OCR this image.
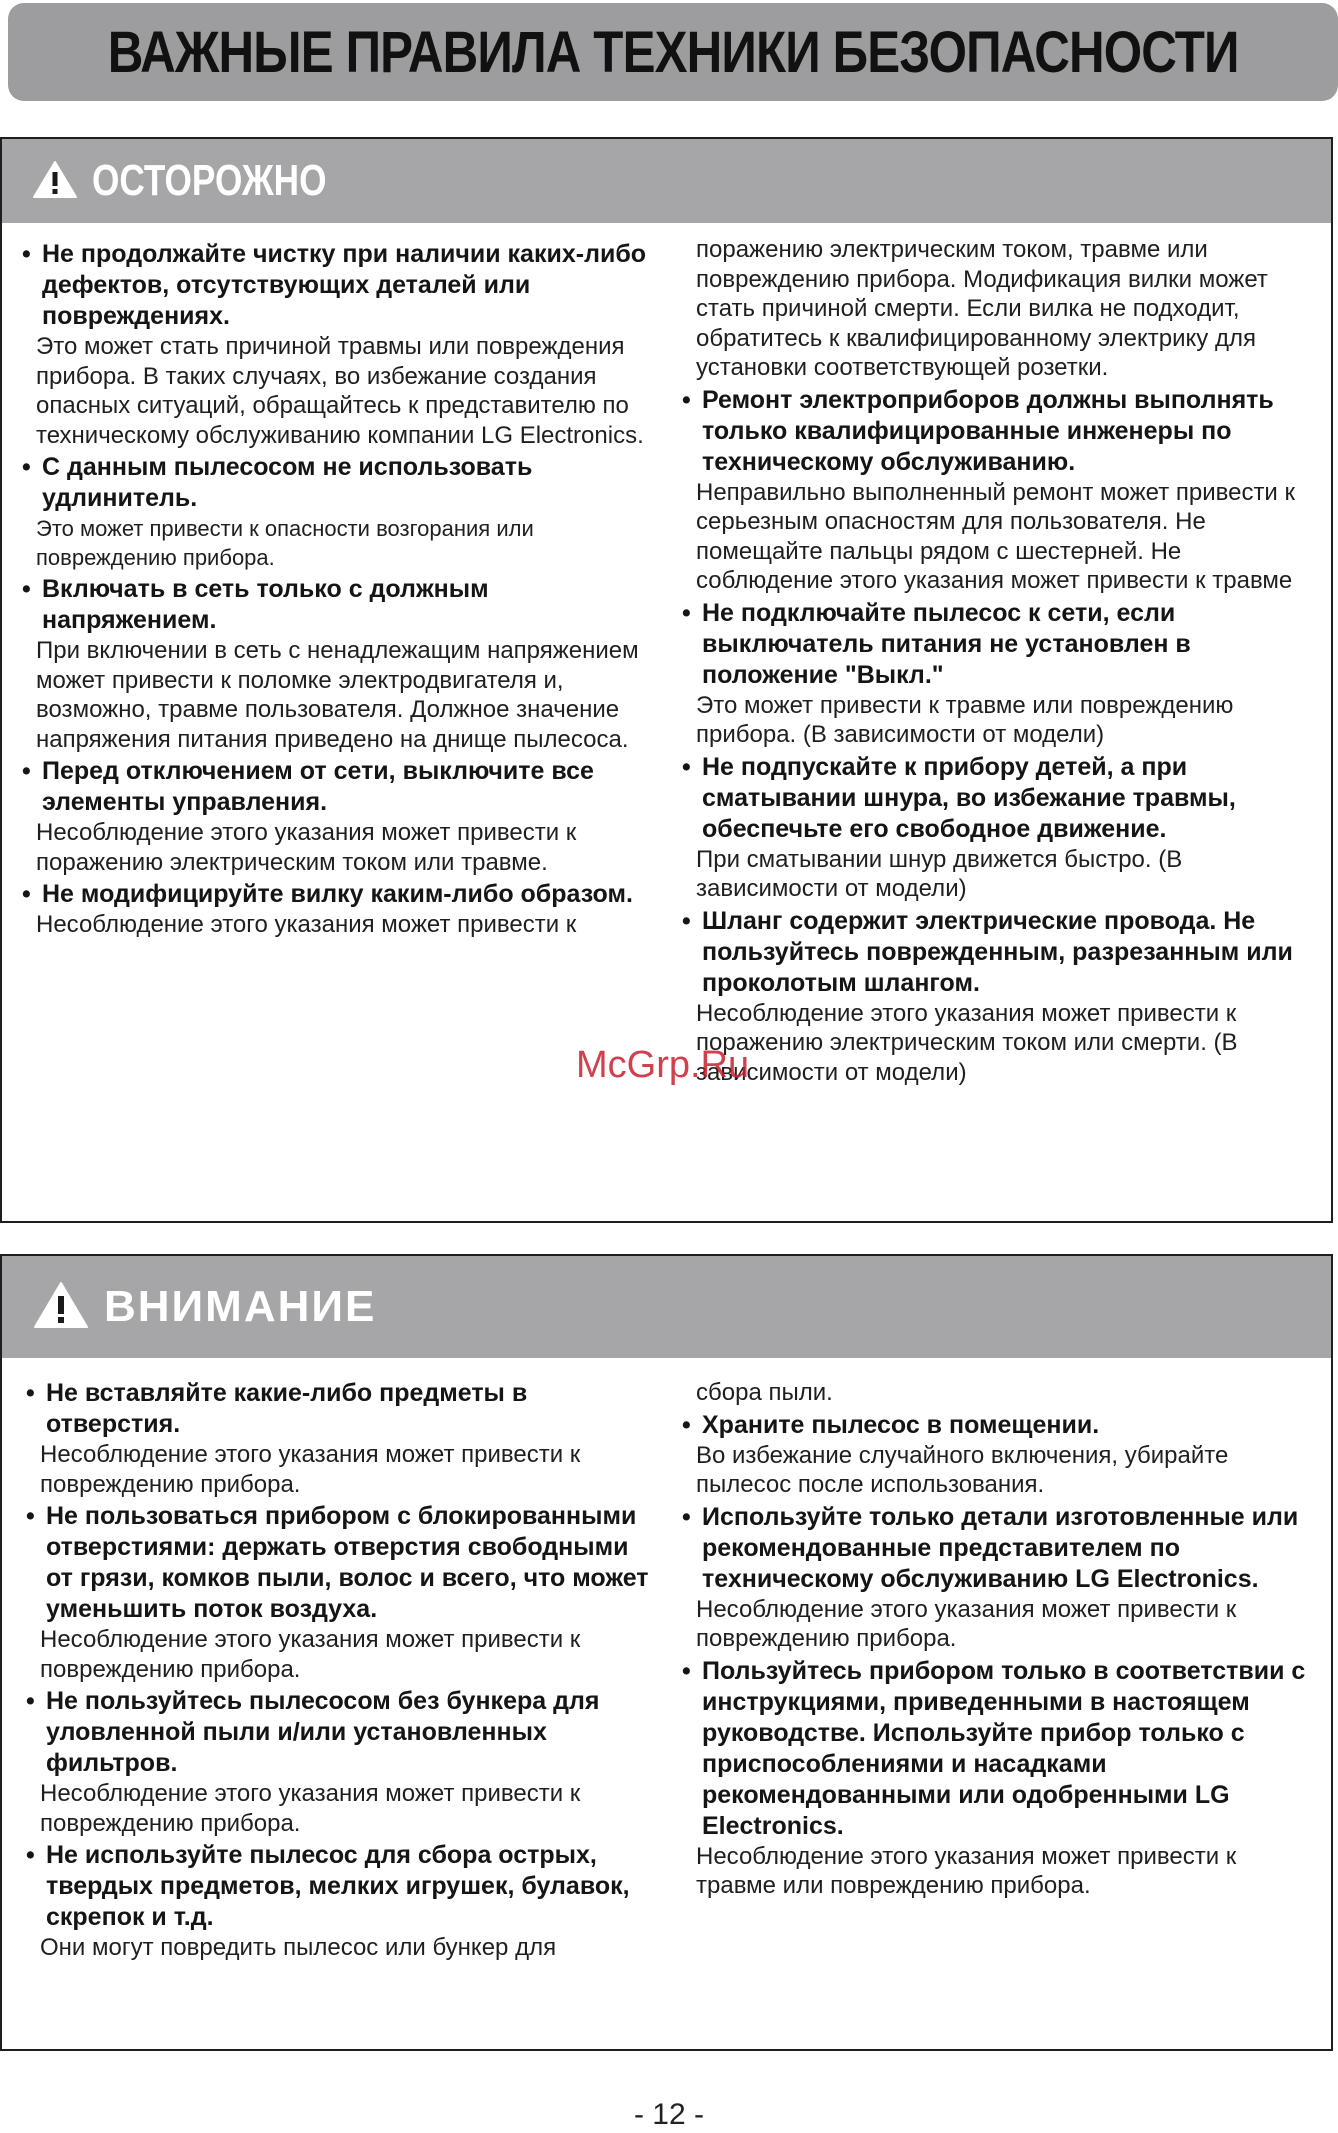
ВАЖНЫЕ ПРАВИЛА ТЕХНИКИ БЕЗОПАСНОСТИ
ОСТОРОЖНО
• Не продолжайте чистку при наличии каких-либо дефектов, отсутствующих деталей или повреждениях.
Это может стать причиной травмы или повреждения прибора. В таких случаях, во избежание создания опасных ситуаций, обращайтесь к представителю по техническому обслуживанию компании LG Electronics.
• С данным пылесосом не использовать удлинитель.
Это может привести к опасности возгорания или повреждению прибора.
• Включать в сеть только с должным напряжением.
При включении в сеть с ненадлежащим напряжением может привести к поломке электродвигателя и, возможно, травме пользователя. Должное значение напряжения питания приведено на днище пылесоса.
• Перед отключением от сети, выключите все элементы управления.
Несоблюдение этого указания может привести к поражению электрическим током или травме.
• Не модифицируйте вилку каким-либо образом.
Несоблюдение этого указания может привести к
поражению электрическим током, травме или повреждению прибора. Модификация вилки может стать причиной смерти. Если вилка не подходит, обратитесь к квалифицированному электрику для установки соответствующей розетки.
• Ремонт электроприборов должны выполнять только квалифицированные инженеры по техническому обслуживанию.
Неправильно выполненный ремонт может привести к серьезным опасностям для пользователя. Не помещайте пальцы рядом с шестерней. Не соблюдение этого указания может привести к травме
• Не подключайте пылесос к сети, если выключатель питания не установлен в положение "Выкл."
Это может привести к травме или повреждению прибора. (В зависимости от модели)
• Не подпускайте к прибору детей, а при сматывании шнура, во избежание травмы, обеспечьте его свободное движение.
При сматывании шнур движется быстро. (В зависимости от модели)
• Шланг содержит электрические провода. Не пользуйтесь поврежденным, разрезанным или проколотым шлангом.
Несоблюдение этого указания может привести к поражению электрическим током или смерти. (В зависимости от модели)
McGrp.Ru
ВНИМАНИЕ
• Не вставляйте какие-либо предметы в отверстия.
Несоблюдение этого указания может привести к повреждению прибора.
• Не пользоваться прибором с блокированными отверстиями: держать отверстия свободными от грязи, комков пыли, волос и всего, что может уменьшить поток воздуха.
Несоблюдение этого указания может привести к повреждению прибора.
• Не пользуйтесь пылесосом без бункера для уловленной пыли и/или установленных фильтров.
Несоблюдение этого указания может привести к повреждению прибора.
• Не используйте пылесос для сбора острых, твердых предметов, мелких игрушек, булавок, скрепок и т.д.
Они могут повредить пылесос или бункер для
сбора пыли.
• Храните пылесос в помещении.
Во избежание случайного включения, убирайте пылесос после использования.
• Используйте только детали изготовленные или рекомендованные представителем по техническому обслуживанию LG Electronics.
Несоблюдение этого указания может привести к повреждению прибора.
• Пользуйтесь прибором только в соответствии с инструкциями, приведенными в настоящем руководстве. Используйте прибор только с приспособлениями и насадками рекомендованными или одобренными LG Electronics.
Несоблюдение этого указания может привести к травме или повреждению прибора.
- 12 -
